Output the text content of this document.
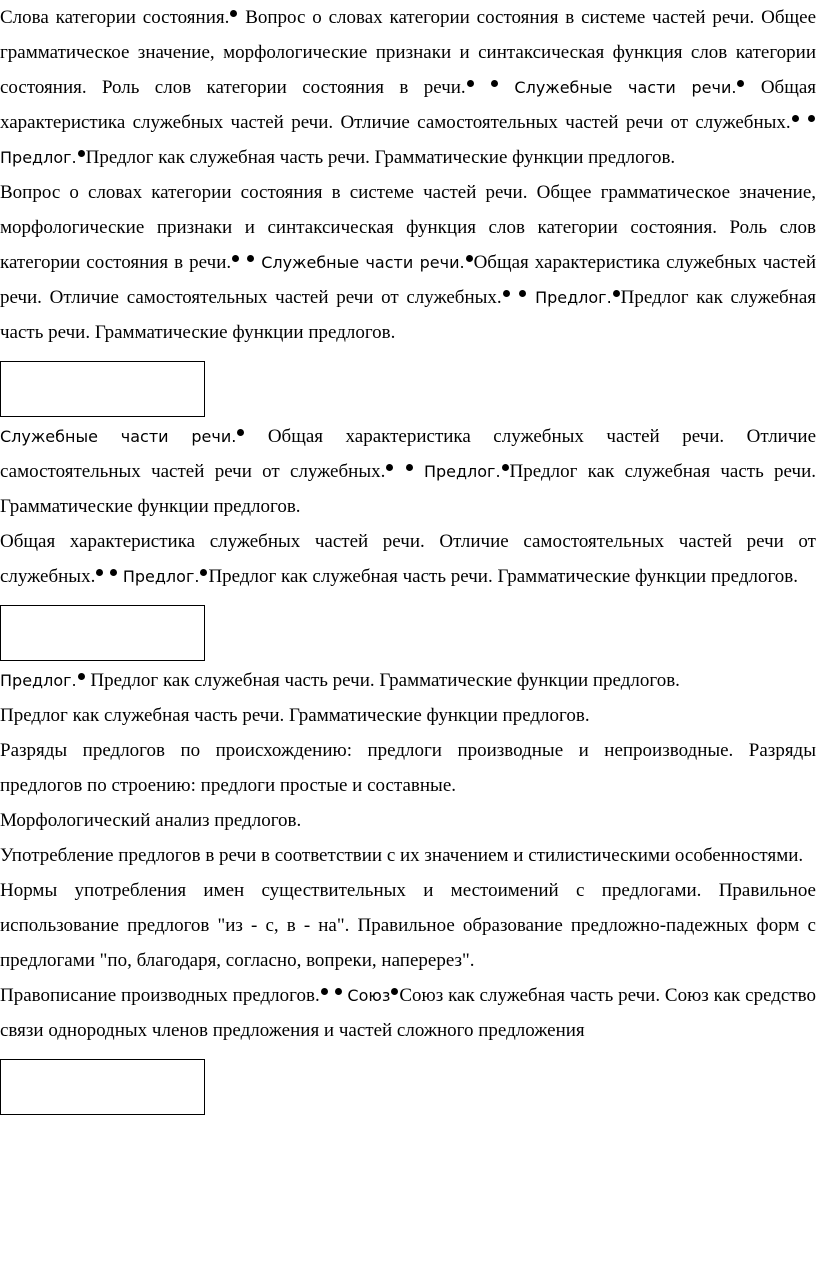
Слова категории состояния. Вопрос о словах категории состояния в системе частей речи. Общее грамматическое значение, морфологические признаки и синтаксическая функция слов категории состояния. Роль слов категории состояния в речи.	Служебные части речи. Общая характеристика служебных частей речи. Отличие самостоятельных частей речи от служебных.  Предлог. Предлог как служебная часть речи. Грамматические функции предлогов.

Вопрос о словах категории состояния в системе частей речи. Общее грамматическое значение, морфологические признаки и синтаксическая функция слов категории состояния. Роль слов категории состояния в речи. Служебные части речи. Общая характеристика служебных частей речи. Отличие самостоятельных частей речи от служебных. Предлог. Предлог как служебная часть речи. Грамматические функции предлогов.

Служебные части речи. Общая характеристика служебных частей речи. Отличие самостоятельных частей речи от служебных. Предлог. Предлог как служебная часть речи. Грамматические функции предлогов.

Общая характеристика служебных частей речи. Отличие самостоятельных частей речи от служебных. Предлог. Предлог как служебная часть речи. Грамматические функции предлогов.

Предлог. Предлог как служебная часть речи. Грамматические функции предлогов.

Предлог как служебная часть речи. Грамматические функции предлогов.

Разряды предлогов по происхождению: предлоги производные и непроизводные. Разряды предлогов по строению: предлоги простые и составные.

Морфологический анализ предлогов.

Употребление предлогов в речи в соответствии с их значением и стилистическими особенностями.

Нормы употребления имен существительных и местоимений с предлогами. Правильное использование предлогов "из - с, в - на". Правильное образование предложно-падежных форм с предлогами "по, благодаря, согласно, вопреки, наперерез".

Правописание производных предлогов. Союз Союз как служебная часть речи. Союз как средство связи однородных членов предложения и частей сложного предложения
